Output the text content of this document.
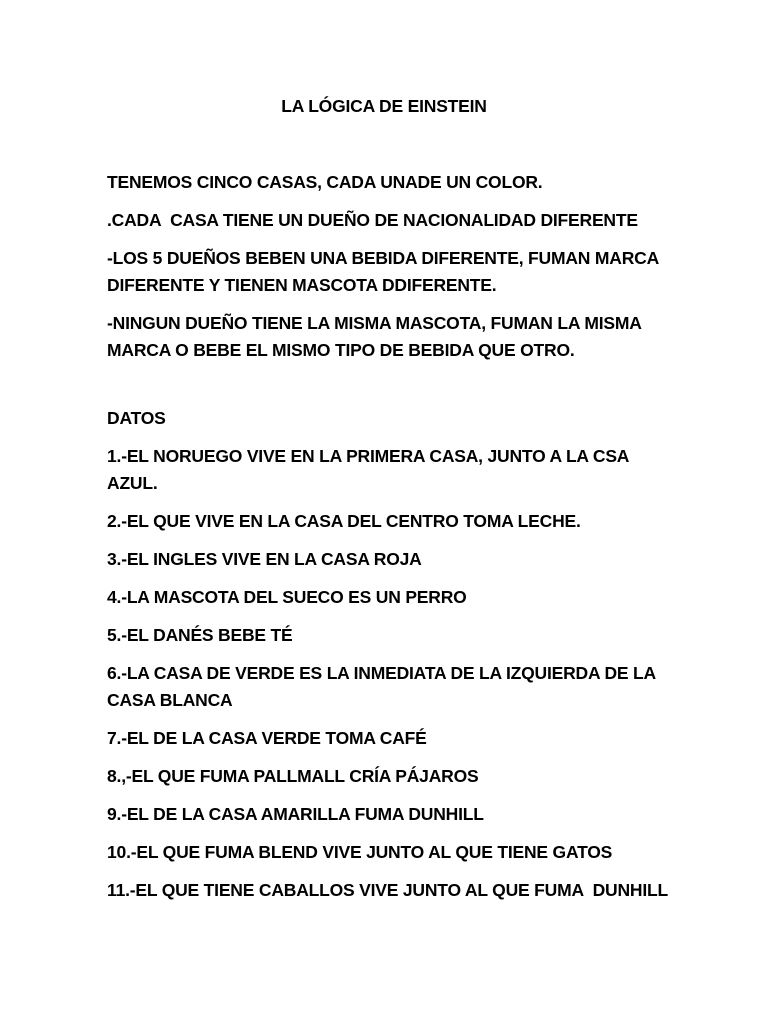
LA LÓGICA DE EINSTEIN
TENEMOS CINCO CASAS, CADA UNADE UN COLOR.
.CADA  CASA TIENE UN DUEÑO DE NACIONALIDAD DIFERENTE
-LOS 5 DUEÑOS BEBEN UNA BEBIDA DIFERENTE, FUMAN MARCA DIFERENTE Y TIENEN MASCOTA DDIFERENTE.
-NINGUN DUEÑO TIENE LA MISMA MASCOTA, FUMAN LA MISMA MARCA O BEBE EL MISMO TIPO DE BEBIDA QUE OTRO.
DATOS
1.-EL NORUEGO VIVE EN LA PRIMERA CASA, JUNTO A LA CSA AZUL.
2.-EL QUE VIVE EN LA CASA DEL CENTRO TOMA LECHE.
3.-EL INGLES VIVE EN LA CASA ROJA
4.-LA MASCOTA DEL SUECO ES UN PERRO
5.-EL DANÉS BEBE TÉ
6.-LA CASA DE VERDE ES LA INMEDIATA DE LA IZQUIERDA DE LA CASA BLANCA
7.-EL DE LA CASA VERDE TOMA CAFÉ
8.,-EL QUE FUMA PALLMALL CRÍA PÁJAROS
9.-EL DE LA CASA AMARILLA FUMA DUNHILL
10.-EL QUE FUMA BLEND VIVE JUNTO AL QUE TIENE GATOS
11.-EL QUE TIENE CABALLOS VIVE JUNTO AL QUE FUMA  DUNHILL
